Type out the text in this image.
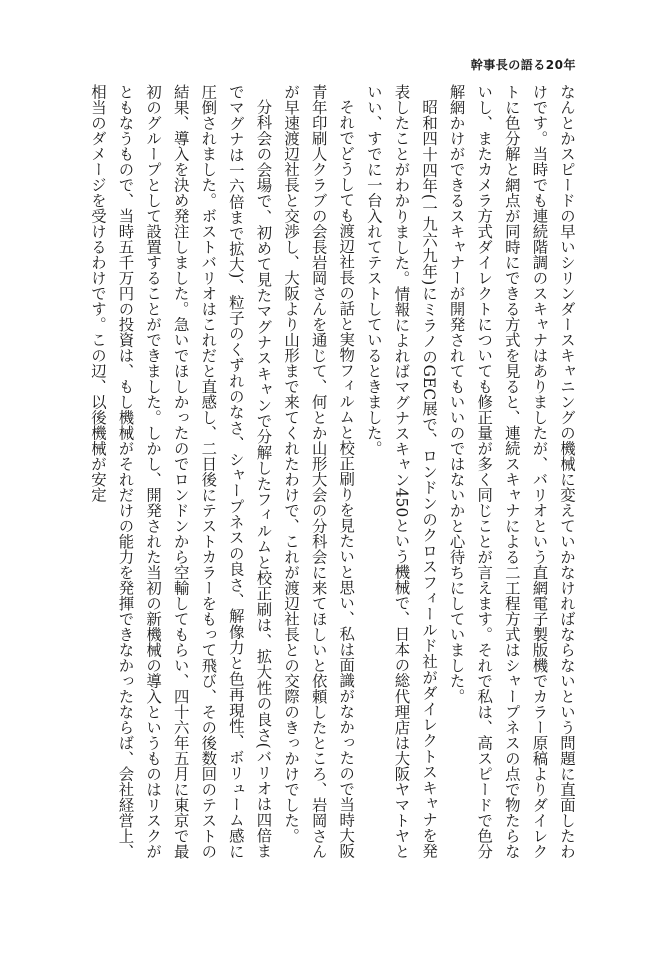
幹事長の語る20年

なんとかスピードの早いシリンダースキャニングの機械に変えていかなければならないという問題に直面したわけです。当時でも連続階調のスキャナはありましたが、バリオという直網電子製版機でカラー原稿よりダイレクトに色分解と網点が同時にできる方式を見ると、連続スキャナによる二工程方式はシャープネスの点で物たらないし、またカメラ方式ダイレクトについても修正量が多く同じことが言えます。それで私は、高スピードで色分解網かけができるスキャナーが開発されてもいいのではないかと心待ちにしていました。

昭和四十四年(一九六九年)にミラノのGEC展で、ロンドンのクロスフィールド社がダイレクトスキャナを発表したことがわかりました。情報によればマグナスキャン450という機械で、日本の総代理店は大阪ヤマトヤといい、すでに一台入れてテストしているときました。

それでどうしても渡辺社長の話と実物フィルムと校正刷りを見たいと思い、私は面識がなかったので当時大阪青年印刷人クラブの会長岩岡さんを通じて、何とか山形大会の分科会に来てほしいと依頼したところ、岩岡さんが早速渡辺社長と交渉し、大阪より山形まで来てくれたわけで、これが渡辺社長との交際のきっかけでした。

分科会の会場で、初めて見たマグナスキャンで分解したフィルムと校正刷は、拡大性の良さ(バリオは四倍までマグナは一六倍まで拡大)、粒子のくずれのなさ、シャープネスの良さ、解像力と色再現性、ボリューム感に圧倒されました。ボストバリオはこれだと直感し、二日後にテストカラーをもって飛び、その後数回のテストの結果、導入を決め発注しました。急いでほしかったのでロンドンから空輸してもらい、四十六年五月に東京で最初のグループとして設置することができました。しかし、開発された当初の新機械の導入というものはリスクがともなうもので、当時五千万円の投資は、もし機械がそれだけの能力を発揮できなかったならば、会社経営上、相当のダメージを受けるわけです。この辺、以後機械が安定
